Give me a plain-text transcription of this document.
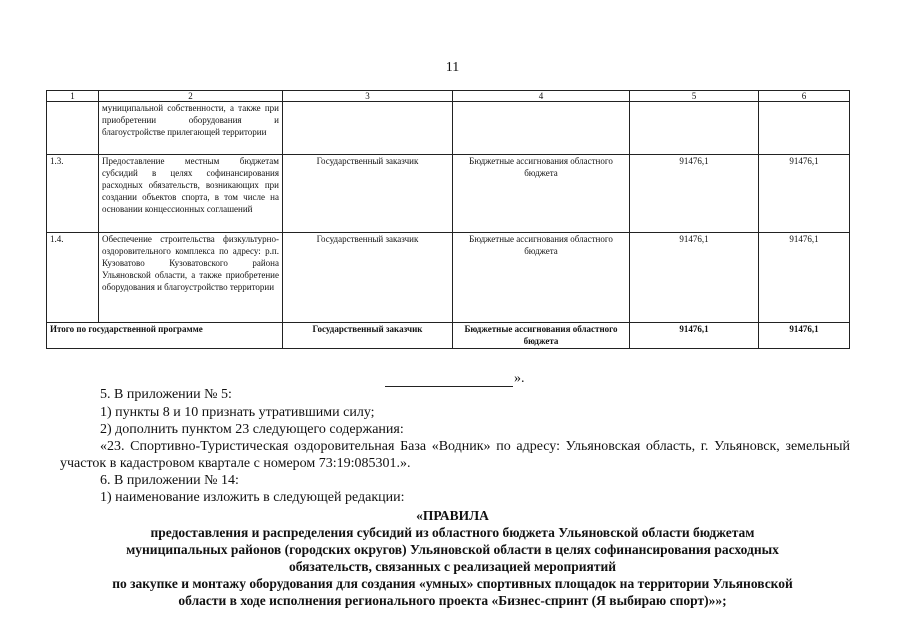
11
1	2	3	4	5	6
	муниципальной собственности, а также при приобретении оборудования и благоустройстве прилегающей территории				
1.3.	Предоставление местным бюджетам субсидий в целях софинансирования расходных обязательств, возникающих при создании объектов спорта, в том числе на основании концессионных соглашений	Государственный заказчик	Бюджетные ассигнования областного бюджета	91476,1	91476,1
1.4.	Обеспечение строительства физкультурно-оздоровительного комплекса по адресу: р.п. Кузоватово Кузоватовского района Ульяновской области, а также приобретение оборудования и благоустройство территории	Государственный заказчик	Бюджетные ассигнования областного бюджета	91476,1	91476,1
Итого по государственной программе		Государственный заказчик	Бюджетные ассигнования областного бюджета	91476,1	91476,1
».
5. В приложении № 5:
1) пункты 8 и 10 признать утратившими силу;
2) дополнить пунктом 23 следующего содержания:
«23. Спортивно-Туристическая оздоровительная База «Водник» по адресу: Ульяновская область, г. Ульяновск, земельный участок в кадастровом квартале с номером 73:19:085301.».
6. В приложении № 14:
1) наименование изложить в следующей редакции:
«ПРАВИЛА
предоставления и распределения субсидий из областного бюджета Ульяновской области бюджетам
муниципальных районов (городских округов) Ульяновской области в целях софинансирования расходных
обязательств, связанных с реализацией мероприятий
по закупке и монтажу оборудования для создания «умных» спортивных площадок на территории Ульяновской
области в ходе исполнения регионального проекта «Бизнес-спринт (Я выбираю спорт)»»;
